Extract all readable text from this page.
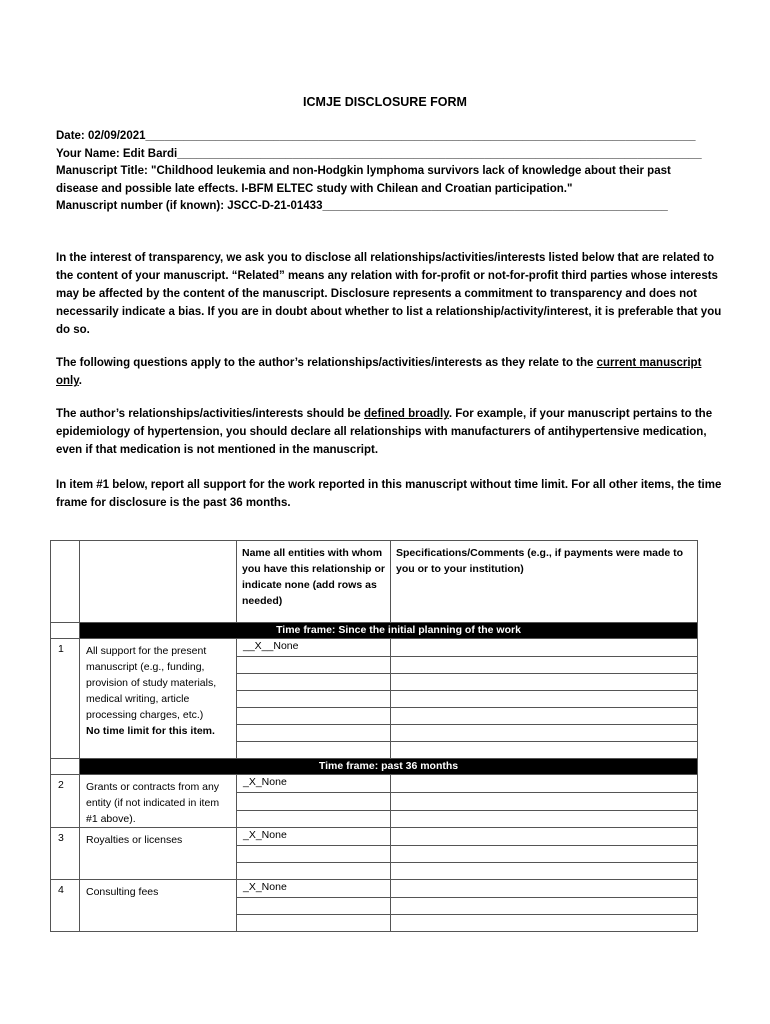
ICMJE DISCLOSURE FORM
Date: 02/09/2021______________________________________________________________________________________
Your Name: Edit Bardi__________________________________________________________________________________
Manuscript Title: "Childhood leukemia and non-Hodgkin lymphoma survivors lack of knowledge about their past disease and possible late effects. I-BFM ELTEC study with Chilean and Croatian participation."
Manuscript number (if known): JSCC-D-21-01433______________________________________________________
In the interest of transparency, we ask you to disclose all relationships/activities/interests listed below that are related to the content of your manuscript. “Related” means any relation with for-profit or not-for-profit third parties whose interests may be affected by the content of the manuscript. Disclosure represents a commitment to transparency and does not necessarily indicate a bias. If you are in doubt about whether to list a relationship/activity/interest, it is preferable that you do so.
The following questions apply to the author’s relationships/activities/interests as they relate to the current manuscript only.
The author’s relationships/activities/interests should be defined broadly. For example, if your manuscript pertains to the epidemiology of hypertension, you should declare all relationships with manufacturers of antihypertensive medication, even if that medication is not mentioned in the manuscript.
In item #1 below, report all support for the work reported in this manuscript without time limit. For all other items, the time frame for disclosure is the past 36 months.
		Name all entities with whom you have this relationship or indicate none (add rows as needed)	Specifications/Comments (e.g., if payments were made to you or to your institution)
	Time frame: Since the initial planning of the work		
1	All support for the present manuscript (e.g., funding, provision of study materials, medical writing, article processing charges, etc.)
No time limit for this item.	__X__None	

	Time frame: past 36 months		
2	Grants or contracts from any entity (if not indicated in item #1 above).	_X_None	

3	Royalties or licenses	_X_None	

4	Consulting fees	_X_None	
